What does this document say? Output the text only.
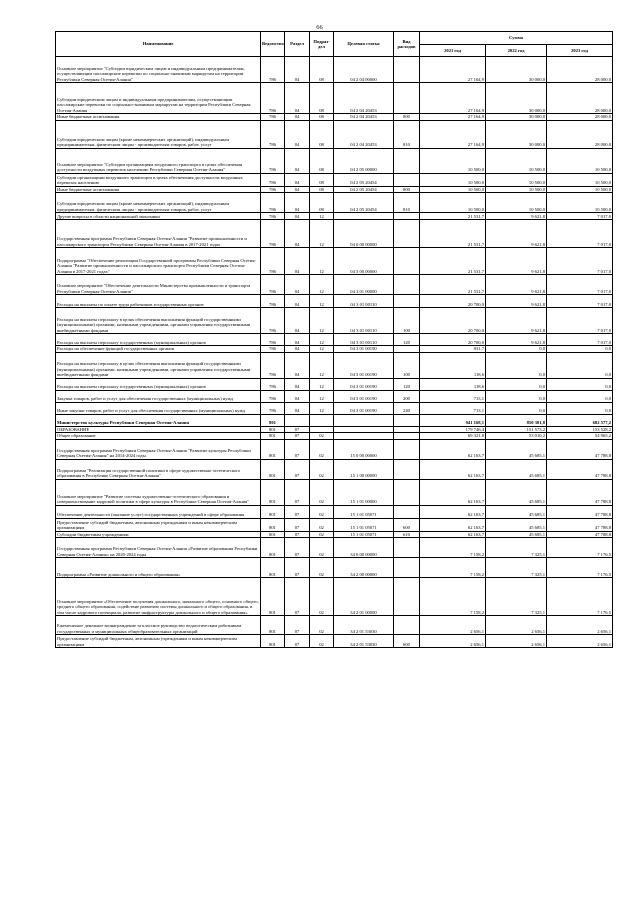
66
Наименование	Ведомство	Раздел	Подраз-
дел	Целевая статья	Вид расходов	Сумма		
						2021 год	2022 год	2023 год
Основное мероприятие "Субсидии юридическим лицам и индивидуальным предпринимателям, осуществляющим пассажирские перевозки по социально-значимым маршрутам на территории Республики Северная Осетия-Алания"	786	04	08	04 2 04 00000		27 164,9	30 000,0	28 000,0
Субсидии юридическим лицам и индивидуальным предпринимателям, осуществляющим пассажирские перевозки по социально-значимым маршрутам на территории Республики Северная Осетия-Алания	786	04	08	04 2 04 20453		27 164,9	30 000,0	28 000,0
Иные бюджетные ассигнования	786	04	08	04 2 04 20453	800	27 164,9	30 000,0	28 000,0
Субсидии юридическим лицам (кроме некоммерческих организаций), индивидуальным предпринимателям, физическим лицам - производителям товаров, работ, услуг	786	04	08	04 2 04 20453	810	27 164,9	30 000,0	28 000,0
Основное мероприятие "Субсидии организациям воздушного транспорта в целях обеспечения доступности воздушных перевозок населению Республики Северная Осетия-Алания"	786	04	08	04 2 05 00000		10 500,0	10 500,0	10 500,0
Субсидии организациям воздушного транспорта в целях обеспечения доступности воздушных перевозок населению	786	04	08	04 2 05 20454		10 500,0	10 500,0	10 500,0
Иные бюджетные ассигнования	786	04	08	04 2 05 20454	800	10 500,0	10 500,0	10 500,0
Субсидии юридическим лицам (кроме некоммерческих организаций), индивидуальным предпринимателям, физическим лицам - производителям товаров, работ, услуг	786	04	08	04 2 05 20454	810	10 500,0	10 500,0	10 500,0
Другие вопросы в области национальной экономики	786	04	12			21 531,7	9 621,8	7 017,0
Государственная программа Республики Северная Осетия-Алания "Развитие промышленности и пассажирского транспорта Республики Северная Осетия-Алания в 2017-2021 годах	786	04	12	04 0 00 00000		21 531,7	9 621,8	7 017,0
Подпрограмма "Обеспечение реализации Государственной программы Республики Северная Осетия-Алания "Развитие промышленности и пассажирского транспорта Республики Северная Осетия-Алания в 2017-2021 годах"	786	04	12	04 3 00 00000		21 531,7	9 621,8	7 017,0
Основное мероприятие "Обеспечение деятельности Министерства промышленности и транспорта Республики Северная Осетия-Алания"	786	04	12	04 3 01 00000		21 531,7	9 621,8	7 017,0
Расходы на выплаты по оплате труда работников государственных органов	786	04	12	04 3 01 00110		20 700,0	9 621,8	7 017,0
Расходы на выплаты персоналу в целях обеспечения выполнения функций государственными (муниципальными) органами, казенными учреждениями, органами управления государственными внебюджетными фондами	786	04	12	04 3 01 00110	100	20 700,0	9 621,8	7 017,0
Расходы на выплаты персоналу государственных (муниципальных) органов	786	04	12	04 3 01 00110	120	20 700,0	9 621,8	7 017,0
Расходы на обеспечение функций государственных органов	786	04	12	04 3 01 00190		831,7	0,0	0,0
Расходы на выплаты персоналу в целях обеспечения выполнения функций государственными (муниципальными) органами, казенными учреждениями, органами управления государственными внебюджетными фондами	786	04	12	04 3 01 00190	100	118,6	0,0	0,0
Расходы на выплаты персоналу государственных (муниципальных) органов	786	04	12	04 3 01 00190	120	118,6	0,0	0,0
Закупка товаров, работ и услуг для обеспечения государственных (муниципальных) нужд	786	04	12	04 3 01 00190	200	713,1	0,0	0,0
Иные закупки товаров, работ и услуг для обеспечения государственных (муниципальных) нужд	786	04	12	04 3 01 00190	240	713,1	0,0	0,0
Министерство культуры Республики Северная Осетия-Алания	801					941 168,1	850 381,8	682 577,2
ОБРАЗОВАНИЕ	801	07				179 746,4	151 573,2	153 528,2
Общее образование	801	07	02			69 321,8	53 010,2	54 965,2
Государственная программа Республики Северная Осетия-Алания "Развитие культуры Республики Северная Осетия-Алания" на 2014-2024 годы	801	07	02	15 0 00 00000		62 163,7	45 685,1	47 788,8
Подпрограмма "Реализация государственной политики в сфере художественно-эстетического образования в Республике Северная Осетия-Алания"	801	07	02	15 1 00 00000		62 163,7	45 685,1	47 788,8
Основное мероприятие "Развитие системы художественно-эстетического образования и совершенствование кадровой политики в сфере культуры в Республике Северная Осетия-Алания"	801	07	02	15 1 01 00000		62 163,7	45 685,1	47 788,8
Обеспечение деятельности (оказание услуг) государственных учреждений в сфере образования	801	07	02	15 1 01 05071		62 163,7	45 685,1	47 788,8
Предоставление субсидий бюджетным, автономным учреждениям и иным некоммерческим организациям	801	07	02	15 1 01 05071	600	62 163,7	45 685,1	47 788,8
Субсидии бюджетным учреждениям	801	07	02	15 1 01 05071	610	62 163,7	45 685,1	47 788,8
Государственная программа Республики Северная Осетия-Алания «Развитие образования Республики Северная Осетия-Алания» на 2020-2024 годы	801	07	02	34 0 00 00000		7 158,2	7 325,1	7 176,5
Подпрограмма «Развитие дошкольного и общего образования»	801	07	02	34 2 00 00000		7 158,2	7 325,1	7 176,5
Основное мероприятие «Обеспечение получения дошкольного, начального общего, основного общего, среднего общего образования, содействие развитию системы дошкольного и общего образования, в том числе кадрового потенциала, развитие инфраструктуры дошкольного и общего образования»	801	07	02	34 2 01 00000		7 158,2	7 325,1	7 176,5
Ежемесячное денежное вознаграждение за классное руководство педагогическим работникам государственных и муниципальных общеобразовательных организаций	801	07	02	34 2 01 53030		2 656,1	2 656,1	2 656,1
Предоставление субсидий бюджетным, автономным учреждениям и иным некоммерческим организациям	801	07	02	34 2 01 53030	600	2 656,1	2 656,1	2 656,1
